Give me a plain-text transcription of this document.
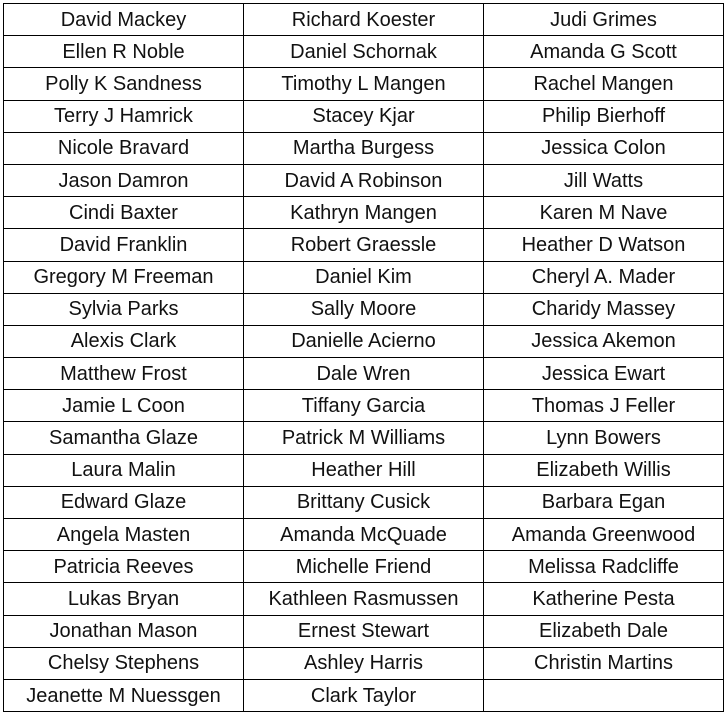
David Mackey	Richard Koester	Judi Grimes
Ellen R Noble	Daniel Schornak	Amanda G Scott
Polly K Sandness	Timothy L Mangen	Rachel Mangen
Terry J Hamrick	Stacey Kjar	Philip Bierhoff
Nicole Bravard	Martha Burgess	Jessica Colon
Jason Damron	David A Robinson	Jill Watts
Cindi Baxter	Kathryn Mangen	Karen M Nave
David Franklin	Robert Graessle	Heather D Watson
Gregory M Freeman	Daniel Kim	Cheryl A. Mader
Sylvia Parks	Sally Moore	Charidy Massey
Alexis Clark	Danielle Acierno	Jessica Akemon
Matthew Frost	Dale Wren	Jessica Ewart
Jamie L Coon	Tiffany Garcia	Thomas J Feller
Samantha Glaze	Patrick M Williams	Lynn Bowers
Laura Malin	Heather Hill	Elizabeth Willis
Edward Glaze	Brittany Cusick	Barbara Egan
Angela Masten	Amanda McQuade	Amanda Greenwood
Patricia Reeves	Michelle Friend	Melissa Radcliffe
Lukas Bryan	Kathleen Rasmussen	Katherine Pesta
Jonathan Mason	Ernest Stewart	Elizabeth Dale
Chelsy Stephens	Ashley Harris	Christin Martins
Jeanette M Nuessgen	Clark Taylor	
